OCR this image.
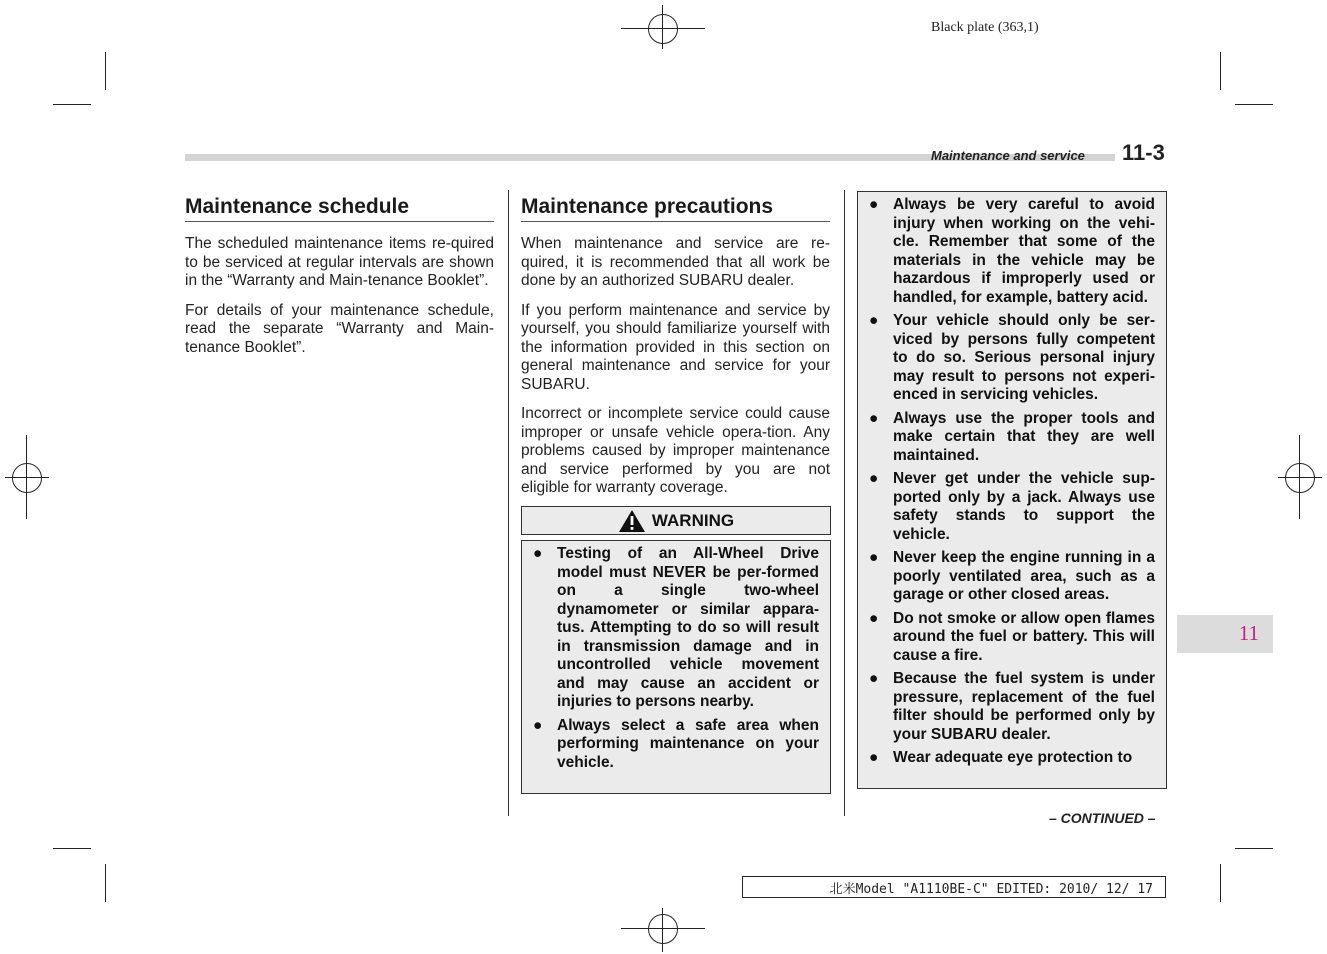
Black plate (363,1)
Maintenance and service 11-3
Maintenance schedule

The scheduled maintenance items re-quired to be serviced at regular intervals are shown in the “Warranty and Main-tenance Booklet”.

For details of your maintenance schedule, read the separate “Warranty and Main-tenance Booklet”.

Maintenance precautions

When maintenance and service are re-quired, it is recommended that all work be done by an authorized SUBARU dealer.

If you perform maintenance and service by yourself, you should familiarize yourself with the information provided in this section on general maintenance and service for your SUBARU.

Incorrect or incomplete service could cause improper or unsafe vehicle opera-tion. Any problems caused by improper maintenance and service performed by you are not eligible for warranty coverage.

WARNING
● Testing of an All-Wheel Drive model must NEVER be per-formed on a single two-wheel dynamometer or similar appara-tus. Attempting to do so will result in transmission damage and in uncontrolled vehicle movement and may cause an accident or injuries to persons nearby.
● Always select a safe area when performing maintenance on your vehicle.
● Always be very careful to avoid injury when working on the vehi-cle. Remember that some of the materials in the vehicle may be hazardous if improperly used or handled, for example, battery acid.
● Your vehicle should only be ser-viced by persons fully competent to do so. Serious personal injury may result to persons not experi-enced in servicing vehicles.
● Always use the proper tools and make certain that they are well maintained.
● Never get under the vehicle sup-ported only by a jack. Always use safety stands to support the vehicle.
● Never keep the engine running in a poorly ventilated area, such as a garage or other closed areas.
● Do not smoke or allow open flames around the fuel or battery. This will cause a fire.
● Because the fuel system is under pressure, replacement of the fuel filter should be performed only by your SUBARU dealer.
● Wear adequate eye protection to
11
– CONTINUED –
北米Model "A1110BE-C" EDITED: 2010/ 12/ 17
